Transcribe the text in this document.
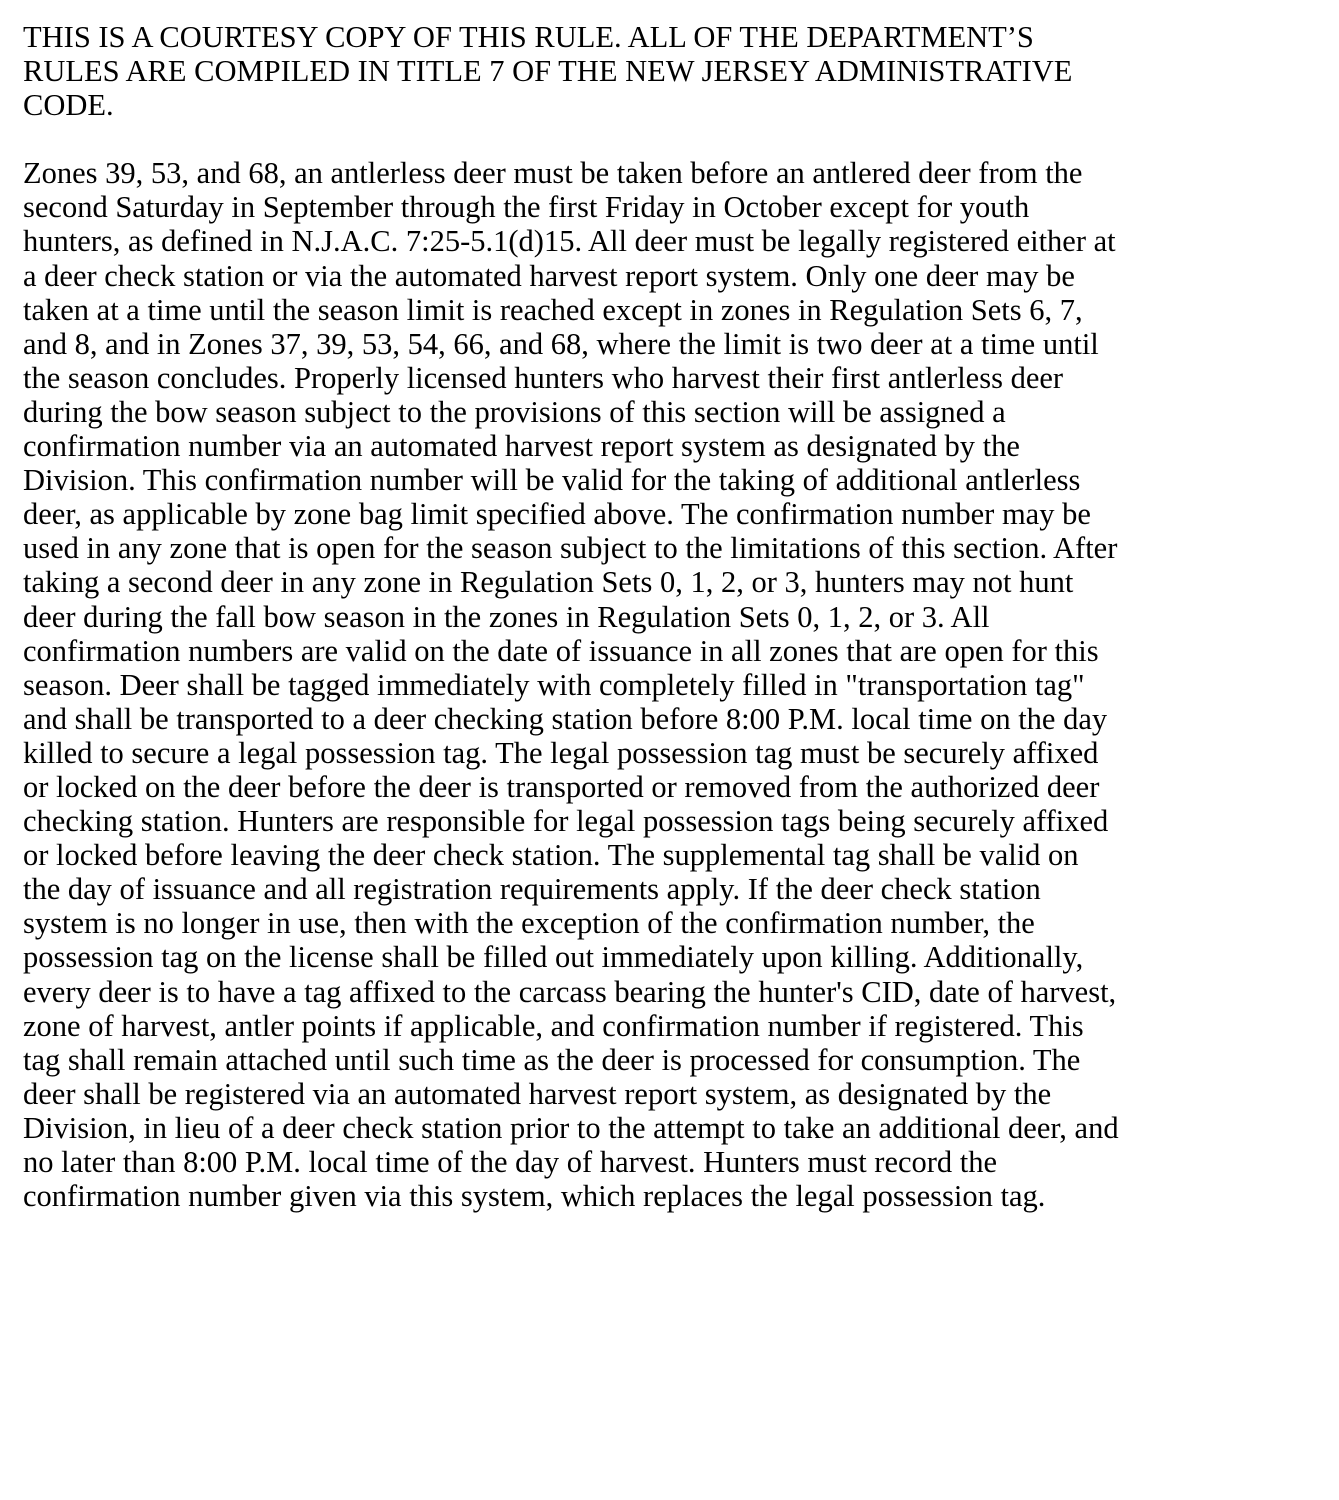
THIS IS A COURTESY COPY OF THIS RULE. ALL OF THE DEPARTMENT’S
RULES ARE COMPILED IN TITLE 7 OF THE NEW JERSEY ADMINISTRATIVE
CODE.

Zones 39, 53, and 68, an antlerless deer must be taken before an antlered deer from the
second Saturday in September through the first Friday in October except for youth
hunters, as defined in N.J.A.C. 7:25-5.1(d)15. All deer must be legally registered either at
a deer check station or via the automated harvest report system. Only one deer may be
taken at a time until the season limit is reached except in zones in Regulation Sets 6, 7,
and 8, and in Zones 37, 39, 53, 54, 66, and 68, where the limit is two deer at a time until
the season concludes. Properly licensed hunters who harvest their first antlerless deer
during the bow season subject to the provisions of this section will be assigned a
confirmation number via an automated harvest report system as designated by the
Division. This confirmation number will be valid for the taking of additional antlerless
deer, as applicable by zone bag limit specified above. The confirmation number may be
used in any zone that is open for the season subject to the limitations of this section. After
taking a second deer in any zone in Regulation Sets 0, 1, 2, or 3, hunters may not hunt
deer during the fall bow season in the zones in Regulation Sets 0, 1, 2, or 3. All
confirmation numbers are valid on the date of issuance in all zones that are open for this
season. Deer shall be tagged immediately with completely filled in "transportation tag"
and shall be transported to a deer checking station before 8:00 P.M. local time on the day
killed to secure a legal possession tag. The legal possession tag must be securely affixed
or locked on the deer before the deer is transported or removed from the authorized deer
checking station. Hunters are responsible for legal possession tags being securely affixed
or locked before leaving the deer check station. The supplemental tag shall be valid on
the day of issuance and all registration requirements apply. If the deer check station
system is no longer in use, then with the exception of the confirmation number, the
possession tag on the license shall be filled out immediately upon killing. Additionally,
every deer is to have a tag affixed to the carcass bearing the hunter's CID, date of harvest,
zone of harvest, antler points if applicable, and confirmation number if registered. This
tag shall remain attached until such time as the deer is processed for consumption. The
deer shall be registered via an automated harvest report system, as designated by the
Division, in lieu of a deer check station prior to the attempt to take an additional deer, and
no later than 8:00 P.M. local time of the day of harvest. Hunters must record the
confirmation number given via this system, which replaces the legal possession tag.
